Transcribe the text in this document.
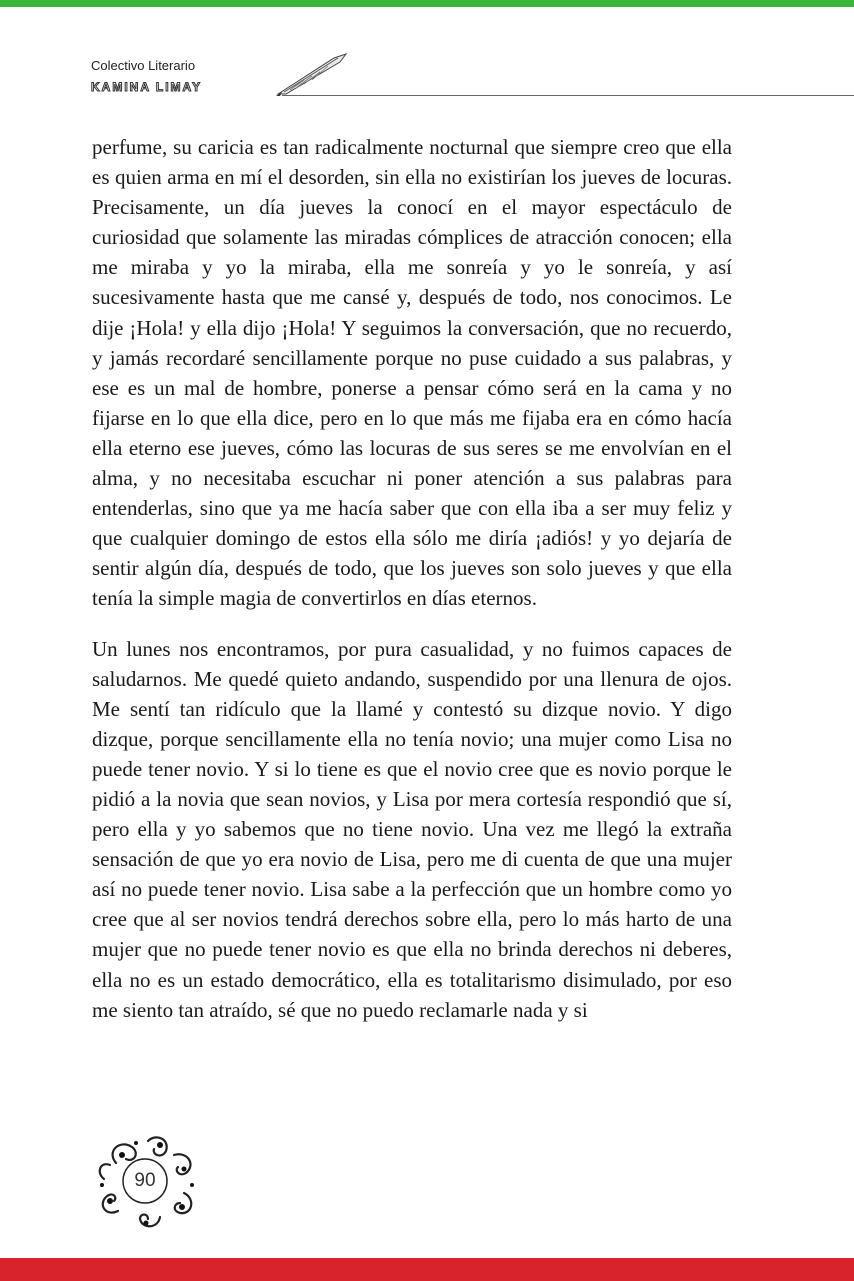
Colectivo Literario
KAMINA LIMAY

perfume, su caricia es tan radicalmente nocturnal que siempre creo que ella es quien arma en mí el desorden, sin ella no existirían los jueves de locuras. Precisamente, un día jueves la conocí en el mayor espectáculo de curiosidad que solamente las miradas cómplices de atracción conocen; ella me miraba y yo la miraba, ella me sonreía y yo le sonreía, y así sucesivamente hasta que me cansé y, después de todo, nos conocimos. Le dije ¡Hola! y ella dijo ¡Hola! Y seguimos la conversación, que no recuerdo, y jamás recordaré sencillamente porque no puse cuidado a sus palabras, y ese es un mal de hombre, ponerse a pensar cómo será en la cama y no fijarse en lo que ella dice, pero en lo que más me fijaba era en cómo hacía ella eterno ese jueves, cómo las locuras de sus seres se me envolvían en el alma, y no necesitaba escuchar ni poner atención a sus palabras para entenderlas, sino que ya me hacía saber que con ella iba a ser muy feliz y que cualquier domingo de estos ella sólo me diría ¡adiós! y yo dejaría de sentir algún día, después de todo, que los jueves son solo jueves y que ella tenía la simple magia de convertirlos en días eternos.

Un lunes nos encontramos, por pura casualidad, y no fuimos capaces de saludarnos. Me quedé quieto andando, suspendido por una llenura de ojos. Me sentí tan ridículo que la llamé y contestó su dizque novio. Y digo dizque, porque sencillamente ella no tenía novio; una mujer como Lisa no puede tener novio. Y si lo tiene es que el novio cree que es novio porque le pidió a la novia que sean novios, y Lisa por mera cortesía respondió que sí, pero ella y yo sabemos que no tiene novio. Una vez me llegó la extraña sensación de que yo era novio de Lisa, pero me di cuenta de que una mujer así no puede tener novio. Lisa sabe a la perfección que un hombre como yo cree que al ser novios tendrá derechos sobre ella, pero lo más harto de una mujer que no puede tener novio es que ella no brinda derechos ni deberes, ella no es un estado democrático, ella es totalitarismo disimulado, por eso me siento tan atraído, sé que no puedo reclamarle nada y si

90
